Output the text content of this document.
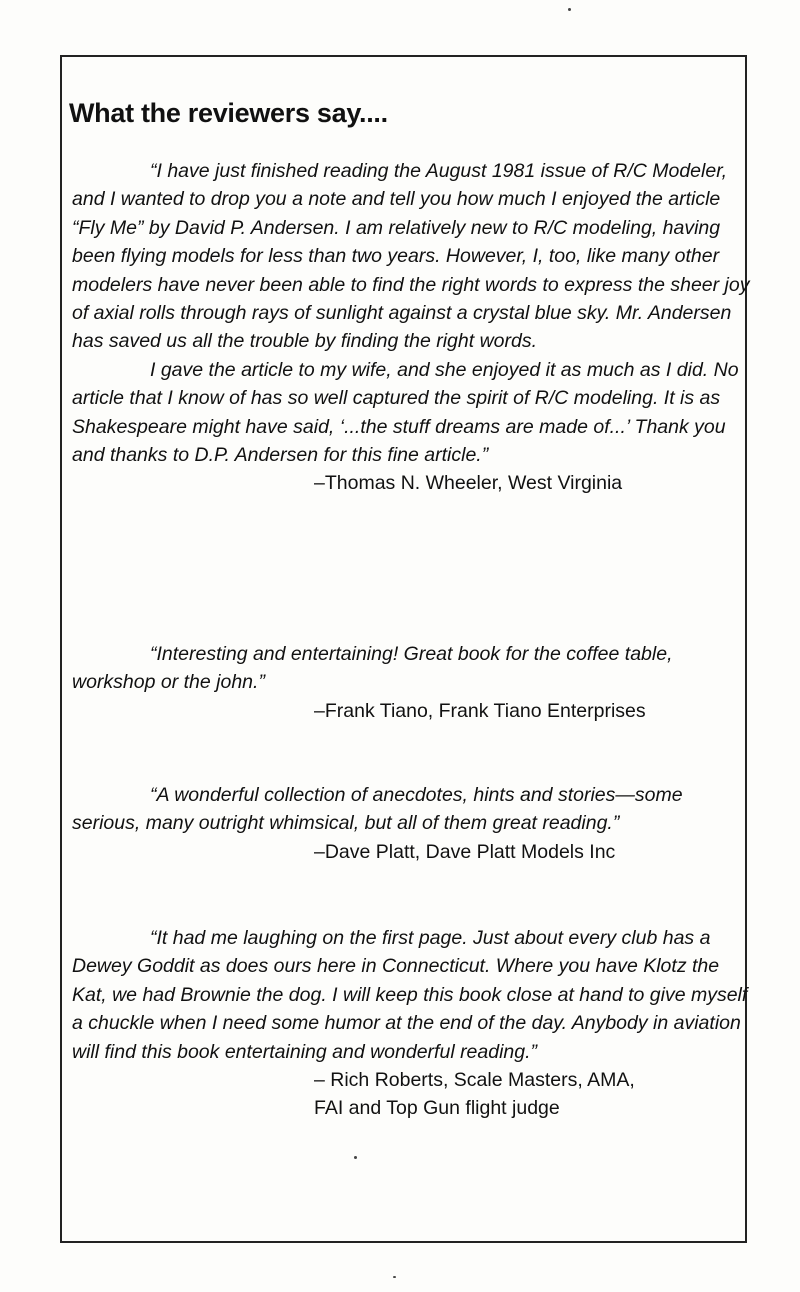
What the reviewers say....

“I have just finished reading the August 1981 issue of R/C Modeler, and I wanted to drop you a note and tell you how much I enjoyed the article “Fly Me” by David P. Andersen. I am relatively new to R/C modeling, having been flying models for less than two years. However, I, too, like many other modelers have never been able to find the right words to express the sheer joy of axial rolls through rays of sunlight against a crystal blue sky. Mr. Andersen has saved us all the trouble by finding the right words.

I gave the article to my wife, and she enjoyed it as much as I did. No article that I know of has so well captured the spirit of R/C modeling. It is as Shakespeare might have said, ‘...the stuff dreams are made of...’ Thank you and thanks to D.P. Andersen for this fine article.”

–Thomas N. Wheeler, West Virginia

“Interesting and entertaining! Great book for the coffee table, workshop or the john.”

–Frank Tiano, Frank Tiano Enterprises

“A wonderful collection of anecdotes, hints and stories—some serious, many outright whimsical, but all of them great reading.”

–Dave Platt, Dave Platt Models Inc

“It had me laughing on the first page. Just about every club has a Dewey Goddit as does ours here in Connecticut. Where you have Klotz the Kat, we had Brownie the dog. I will keep this book close at hand to give myself a chuckle when I need some humor at the end of the day. Anybody in aviation will find this book entertaining and wonderful reading.”

– Rich Roberts, Scale Masters, AMA,

FAI and Top Gun flight judge
